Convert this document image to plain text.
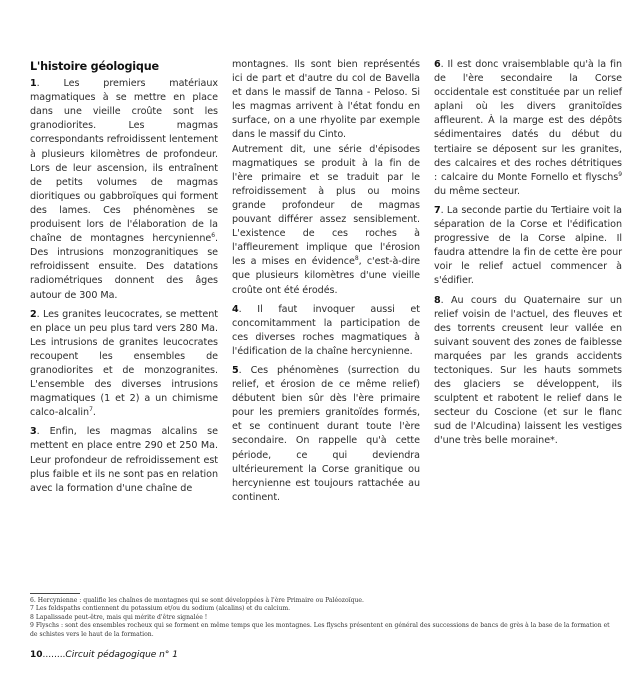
L'histoire géologique

1. Les premiers matériaux magmatiques à se mettre en place dans une vieille croûte sont les granodiorites. Les magmas correspondants refroidissent lentement à plusieurs kilomètres de profondeur. Lors de leur ascension, ils entraînent de petits volumes de magmas dioritiques ou gabbroïques qui forment des lames. Ces phénomènes se produisent lors de l'élaboration de la chaîne de montagnes hercynienne$^6$. Des intrusions monzogranitiques se refroidissent ensuite. Des datations radiométriques donnent des âges autour de 300 Ma.

2. Les granites leucocrates, se mettent en place un peu plus tard vers 280 Ma. Les intrusions de granites leucocrates recoupent les ensembles de granodiorites et de monzogranites. L'ensemble des diverses intrusions magmatiques (1 et 2) a un chimisme calco-alcalin$^7$.

3. Enfin, les magmas alcalins se mettent en place entre 290 et 250 Ma. Leur profondeur de refroidissement est plus faible et ils ne sont pas en relation avec la formation d'une chaîne de

montagnes. Ils sont bien représentés ici de part et d'autre du col de Bavella et dans le massif de Tanna - Peloso. Si les magmas arrivent à l'état fondu en surface, on a une rhyolite par exemple dans le massif du Cinto.

Autrement dit, une série d'épisodes magmatiques se produit à la fin de l'ère primaire et se traduit par le refroidissement à plus ou moins grande profondeur de magmas pouvant différer assez sensiblement. L'existence de ces roches à l'affleurement implique que l'érosion les a mises en évidence$^8$, c'est-à-dire que plusieurs kilomètres d'une vieille croûte ont été érodés.

4. Il faut invoquer aussi et concomitamment la participation de ces diverses roches magmatiques à l'édification de la chaîne hercynienne.

5. Ces phénomènes (surrection du relief, et érosion de ce même relief) débutent bien sûr dès l'ère primaire pour les premiers granitoïdes formés, et se continuent durant toute l'ère secondaire. On rappelle qu'à cette période, ce qui deviendra ultérieurement la Corse granitique ou hercynienne est toujours rattachée au continent.

6. Il est donc vraisemblable qu'à la fin de l'ère secondaire la Corse occidentale est constituée par un relief aplani où les divers granitoïdes affleurent. À la marge est des dépôts sédimentaires datés du début du tertiaire se déposent sur les granites, des calcaires et des roches détritiques : calcaire du Monte Fornello et flyschs$^9$ du même secteur.

7. La seconde partie du Tertiaire voit la séparation de la Corse et l'édification progressive de la Corse alpine. Il faudra attendre la fin de cette ère pour voir le relief actuel commencer à s'édifier.

8. Au cours du Quaternaire sur un relief voisin de l'actuel, des fleuves et des torrents creusent leur vallée en suivant souvent des zones de faiblesse marquées par les grands accidents tectoniques. Sur les hauts sommets des glaciers se développent, ils sculptent et rabotent le relief dans le secteur du Coscione (et sur le flanc sud de l'Alcudina) laissent les vestiges d'une très belle moraine*.

6. Hercynienne : qualifie les chaînes de montagnes qui se sont développées à l'ère Primaire ou Paléozoïque.
7 Les feldspaths contiennent du potassium et/ou du sodium (alcalins) et du calcium.
8 Lapalissade peut-être, mais qui mérite d'être signalée !
9 Flyschs : sont des ensembles rocheux qui se forment en même temps que les montagnes. Les flyschs présentent en général des successions de bancs de grès à la base de la formation et de schistes vers le haut de la formation.
10........Circuit pédagogique n° 1
